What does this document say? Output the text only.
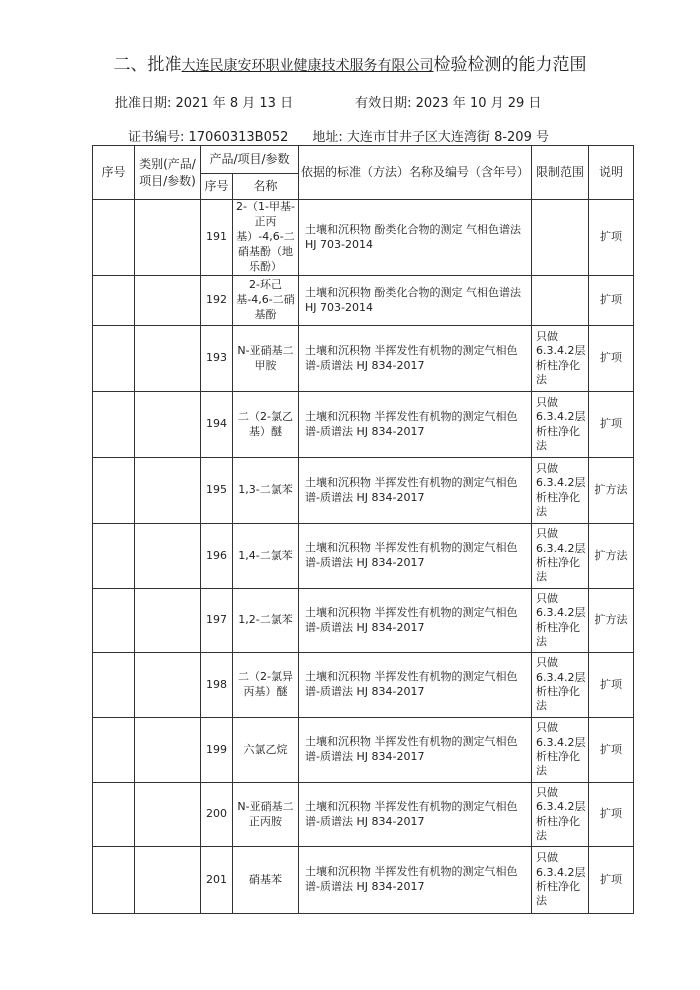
二、批准大连民康安环职业健康技术服务有限公司检验检测的能力范围
批准日期: 2021 年 8 月 13 日	有效日期: 2023 年 10 月 29 日
证书编号: 17060313B052 地址: 大连市甘井子区大连湾街 8-209 号
序号	类别(产品/项目/参数)	产品/项目/参数		依据的标准（方法）名称及编号（含年号）	限制范围	说明
		序号	名称			
		191	2-（1-甲基-正丙基）-4,6-二硝基酚（地乐酚）	土壤和沉积物 酚类化合物的测定 气相色谱法 HJ 703-2014		扩项
		192	2-环己基-4,6-二硝基酚	土壤和沉积物 酚类化合物的测定 气相色谱法 HJ 703-2014		扩项
		193	N-亚硝基二甲胺	土壤和沉积物 半挥发性有机物的测定气相色谱-质谱法 HJ 834-2017	只做6.3.4.2层析柱净化法	扩项
		194	二（2-氯乙基）醚	土壤和沉积物 半挥发性有机物的测定气相色谱-质谱法 HJ 834-2017	只做6.3.4.2层析柱净化法	扩项
		195	1,3-二氯苯	土壤和沉积物 半挥发性有机物的测定气相色谱-质谱法 HJ 834-2017	只做6.3.4.2层析柱净化法	扩方法
		196	1,4-二氯苯	土壤和沉积物 半挥发性有机物的测定气相色谱-质谱法 HJ 834-2017	只做6.3.4.2层析柱净化法	扩方法
		197	1,2-二氯苯	土壤和沉积物 半挥发性有机物的测定气相色谱-质谱法 HJ 834-2017	只做6.3.4.2层析柱净化法	扩方法
		198	二（2-氯异丙基）醚	土壤和沉积物 半挥发性有机物的测定气相色谱-质谱法 HJ 834-2017	只做6.3.4.2层析柱净化法	扩项
		199	六氯乙烷	土壤和沉积物 半挥发性有机物的测定气相色谱-质谱法 HJ 834-2017	只做6.3.4.2层析柱净化法	扩项
		200	N-亚硝基二正丙胺	土壤和沉积物 半挥发性有机物的测定气相色谱-质谱法 HJ 834-2017	只做6.3.4.2层析柱净化法	扩项
		201	硝基苯	土壤和沉积物 半挥发性有机物的测定气相色谱-质谱法 HJ 834-2017	只做6.3.4.2层析柱净化法	扩项
